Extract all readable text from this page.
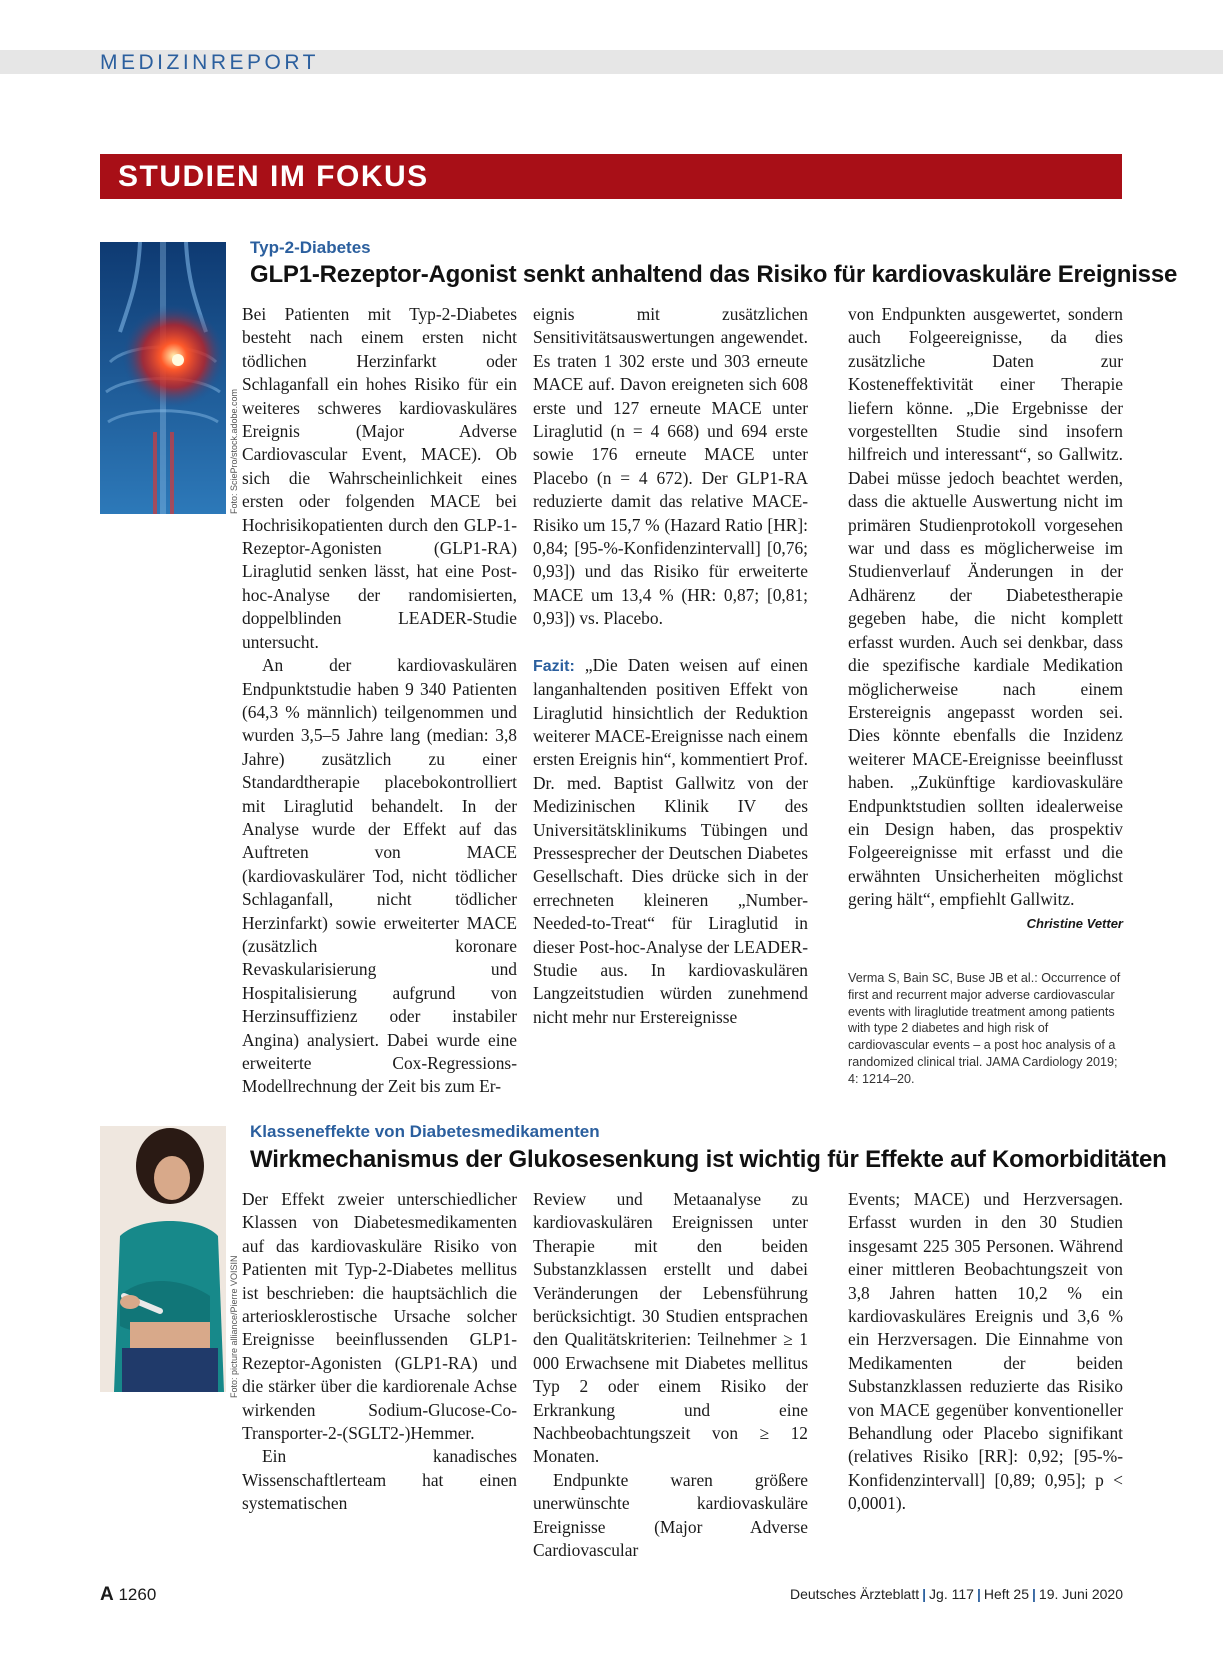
MEDIZINREPORT
STUDIEN IM FOKUS
Foto: SciePro/stock.adobe.com
Typ-2-Diabetes
GLP1-Rezeptor-Agonist senkt anhaltend das Risiko für kardiovaskuläre Ereignisse

Bei Patienten mit Typ-2-Diabetes besteht nach einem ersten nicht tödlichen Herzinfarkt oder Schlaganfall ein hohes Risiko für ein weiteres schweres kardiovaskuläres Ereignis (Major Adverse Cardiovascular Event, MACE). Ob sich die Wahrscheinlichkeit eines ersten oder folgenden MACE bei Hochrisikopatienten durch den GLP-1-Rezeptor-Agonisten (GLP1-RA) Liraglutid senken lässt, hat eine Post-hoc-Analyse der randomisierten, doppelblinden LEADER-Studie untersucht.

An der kardiovaskulären Endpunktstudie haben 9 340 Patienten (64,3 % männlich) teilgenommen und wurden 3,5–5 Jahre lang (median: 3,8 Jahre) zusätzlich zu einer Standardtherapie placebokontrolliert mit Liraglutid behandelt. In der Analyse wurde der Effekt auf das Auftreten von MACE (kardiovaskulärer Tod, nicht tödlicher Schlaganfall, nicht tödlicher Herzinfarkt) sowie erweiterter MACE (zusätzlich koronare Revaskularisierung und Hospitalisierung aufgrund von Herzinsuffizienz oder instabiler Angina) analysiert. Dabei wurde eine erweiterte Cox-Regressions-Modellrechnung der Zeit bis zum Er-

eignis mit zusätzlichen Sensitivitätsauswertungen angewendet. Es traten 1 302 erste und 303 erneute MACE auf. Davon ereigneten sich 608 erste und 127 erneute MACE unter Liraglutid (n = 4 668) und 694 erste sowie 176 erneute MACE unter Placebo (n = 4 672). Der GLP1-RA reduzierte damit das relative MACE-Risiko um 15,7 % (Hazard Ratio [HR]: 0,84; [95-%-Konfidenzintervall] [0,76; 0,93]) und das Risiko für erweiterte MACE um 13,4 % (HR: 0,87; [0,81; 0,93]) vs. Placebo.

Fazit: „Die Daten weisen auf einen langanhaltenden positiven Effekt von Liraglutid hinsichtlich der Reduktion weiterer MACE-Ereignisse nach einem ersten Ereignis hin“, kommentiert Prof. Dr. med. Baptist Gallwitz von der Medizinischen Klinik IV des Universitätsklinikums Tübingen und Pressesprecher der Deutschen Diabetes Gesellschaft. Dies drücke sich in der errechneten kleineren „Number-Needed-to-Treat“ für Liraglutid in dieser Post-hoc-Analyse der LEADER-Studie aus. In kardiovaskulären Langzeitstudien würden zunehmend nicht mehr nur Erstereignisse

von Endpunkten ausgewertet, sondern auch Folgeereignisse, da dies zusätzliche Daten zur Kosteneffektivität einer Therapie liefern könne. „Die Ergebnisse der vorgestellten Studie sind insofern hilfreich und interessant“, so Gallwitz. Dabei müsse jedoch beachtet werden, dass die aktuelle Auswertung nicht im primären Studienprotokoll vorgesehen war und dass es möglicherweise im Studienverlauf Änderungen in der Adhärenz der Diabetestherapie gegeben habe, die nicht komplett erfasst wurden. Auch sei denkbar, dass die spezifische kardiale Medikation möglicherweise nach einem Erstereignis angepasst worden sei. Dies könnte ebenfalls die Inzidenz weiterer MACE-Ereignisse beeinflusst haben. „Zukünftige kardiovaskuläre Endpunktstudien sollten idealerweise ein Design haben, das prospektiv Folgeereignisse mit erfasst und die erwähnten Unsicherheiten möglichst gering hält“, empfiehlt Gallwitz.
Christine Vetter

Verma S, Bain SC, Buse JB et al.: Occurrence of first and recurrent major adverse cardiovascular events with liraglutide treatment among patients with type 2 diabetes and high risk of cardiovascular events – a post hoc analysis of a randomized clinical trial. JAMA Cardiology 2019; 4: 1214–20.
Foto: picture alliance/Pierre VOISIN
Klasseneffekte von Diabetesmedikamenten
Wirkmechanismus der Glukosesenkung ist wichtig für Effekte auf Komorbiditäten

Der Effekt zweier unterschiedlicher Klassen von Diabetesmedikamenten auf das kardiovaskuläre Risiko von Patienten mit Typ-2-Diabetes mellitus ist beschrieben: die hauptsächlich die arteriosklerostische Ursache solcher Ereignisse beeinflussenden GLP1-Rezeptor-Agonisten (GLP1-RA) und die stärker über die kardiorenale Achse wirkenden Sodium-Glucose-Co-Transporter-2-(SGLT2-)Hemmer.

Ein kanadisches Wissenschaftlerteam hat einen systematischen

Review und Metaanalyse zu kardiovaskulären Ereignissen unter Therapie mit den beiden Substanzklassen erstellt und dabei Veränderungen der Lebensführung berücksichtigt. 30 Studien entsprachen den Qualitätskriterien: Teilnehmer ≥ 1 000 Erwachsene mit Diabetes mellitus Typ 2 oder einem Risiko der Erkrankung und eine Nachbeobachtungszeit von ≥ 12 Monaten.

Endpunkte waren größere unerwünschte kardiovaskuläre Ereignisse (Major Adverse Cardiovascular

Events; MACE) und Herzversagen. Erfasst wurden in den 30 Studien insgesamt 225 305 Personen. Während einer mittleren Beobachtungszeit von 3,8 Jahren hatten 10,2 % ein kardiovaskuläres Ereignis und 3,6 % ein Herzversagen. Die Einnahme von Medikamenten der beiden Substanzklassen reduzierte das Risiko von MACE gegenüber konventioneller Behandlung oder Placebo signifikant (relatives Risiko [RR]: 0,92; [95-%-Konfidenzintervall] [0,89; 0,95]; p < 0,0001).

A 1260	Deutsches Ärzteblatt | Jg. 117 | Heft 25 | 19. Juni 2020
